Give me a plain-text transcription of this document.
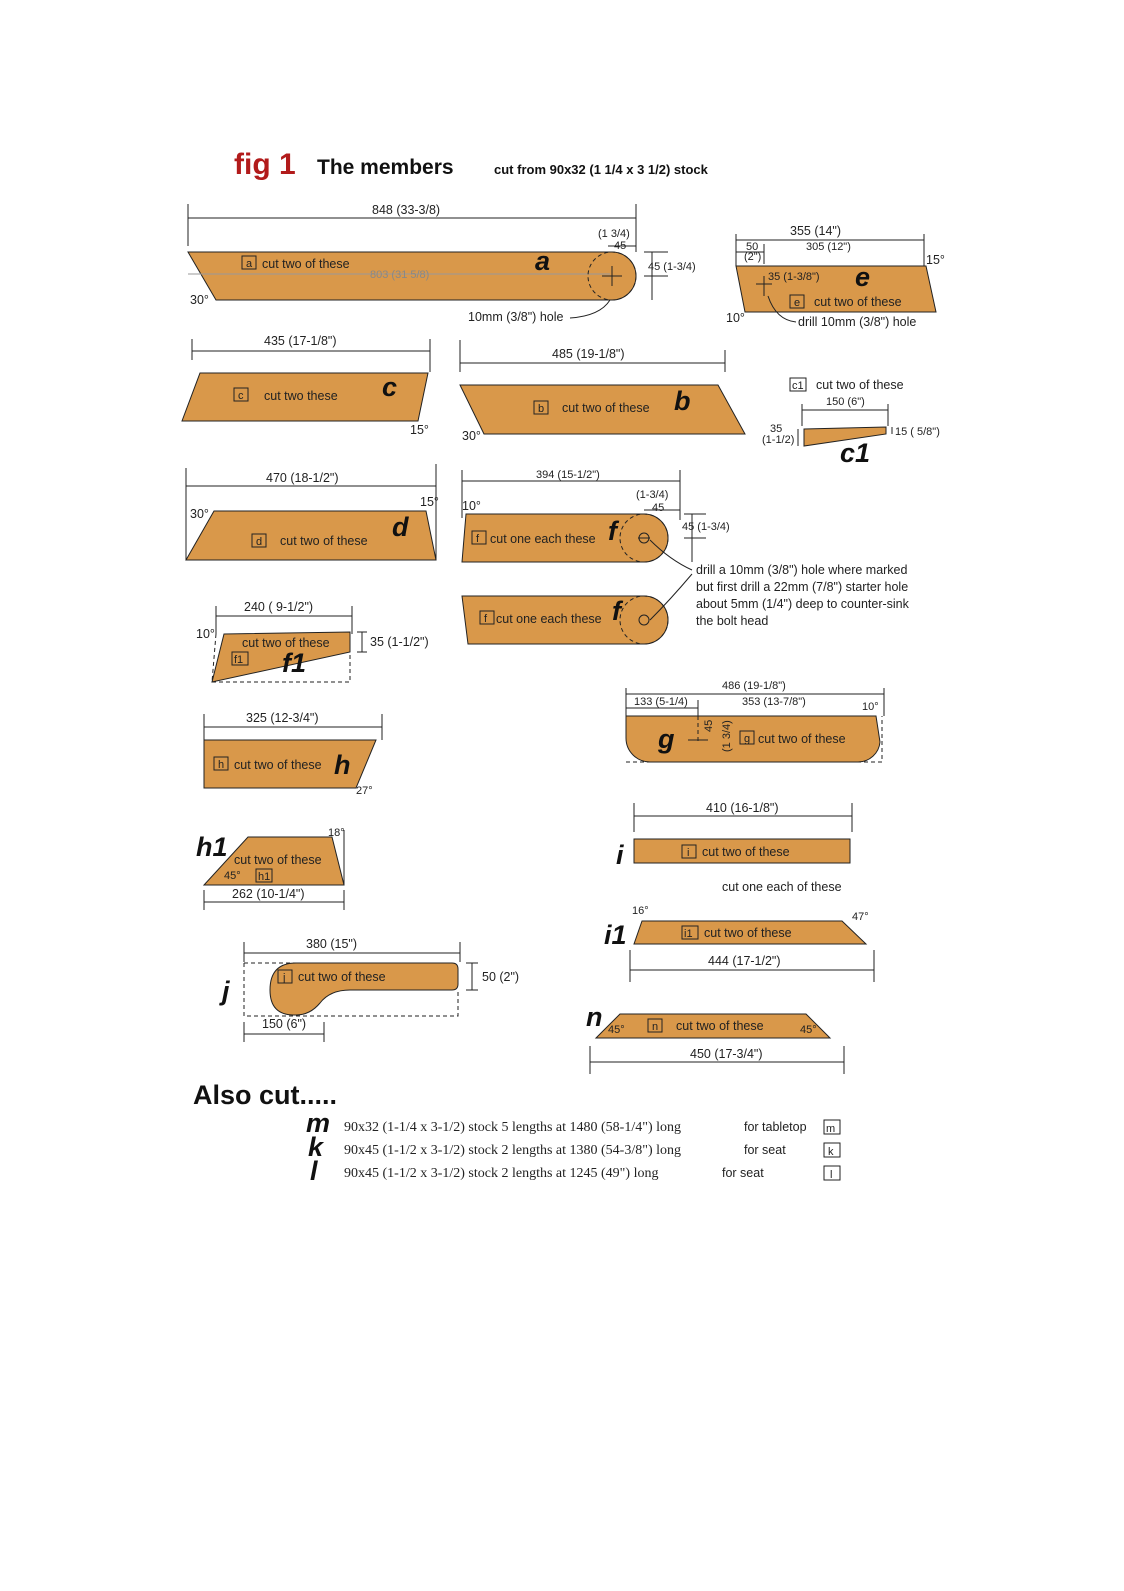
fig 1 The members	cut from 90x32 (1 1/4 x 3 1/2) stock
848 (33-3/8)
803 (31 5/8)
a cut two of these	a
30°
(1 3/4)
45
45 (1-3/4)
10mm (3/8") hole
355 (14")
50
(2")
305 (12")
35 (1-3/8") e
e cut two of these
15°
10°	drill 10mm (3/8") hole
435 (17-1/8")
c cut two these c
15°
485 (19-1/8")
b cut two of these b
30°
c1 cut two of these
150 (6")
35
(1-1/2)
15 ( 5/8")
c1
470 (18-1/2")
30°
15°
d cut two of these d
394 (15-1/2")
(1-3/4)
45
45 (1-3/4)
10°
f cut one each these f
f cut one each these f
drill a 10mm (3/8") hole where marked
but first drill a 22mm (7/8") starter hole
about 5mm (1/4") deep to counter-sink
the bolt head
240 ( 9-1/2")
10°
cut two of these
f1 f1
35 (1-1/2")
486 (19-1/8")
133 (5-1/4)	353 (13-7/8")	10°
45 (1 3/4)
g	g cut two of these
325 (12-3/4")
h cut two of these h
27°
410 (16-1/8")
i cut two of these
i
cut one each of these
18°
h1 cut two of these
45° h1
262 (10-1/4")
16°	47°
i1	i1 cut two of these
444 (17-1/2")
380 (15")
j cut two of these
j	50 (2")
150 (6")	n 45°	45°
n cut two of these
450 (17-3/4")
Also cut.....
m 90x32 (1-1/4 x 3-1/2) stock 5 lengths at 1480 (58-1/4") long	for tabletop m
k 90x45 (1-1/2 x 3-1/2) stock 2 lengths at 1380 (54-3/8") long	for seat	k
l 90x45 (1-1/2 x 3-1/2) stock 2 lengths at 1245 (49") long	for seat	l
